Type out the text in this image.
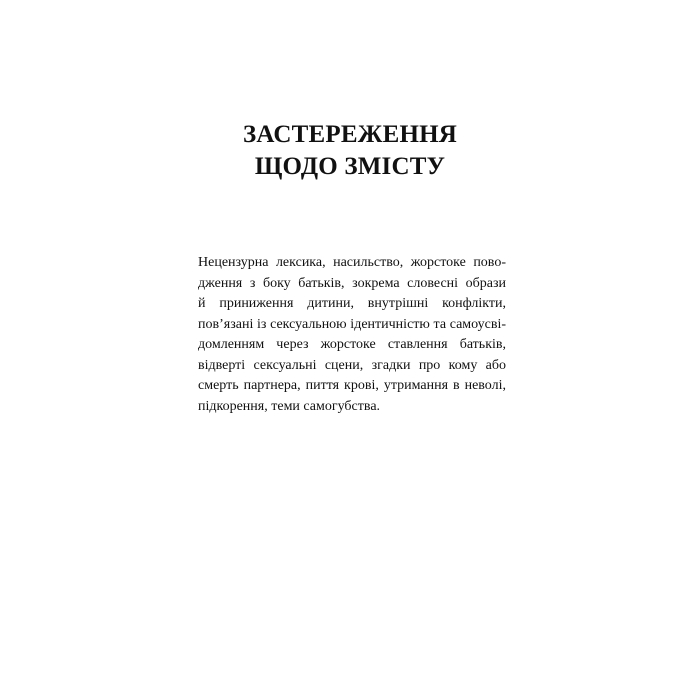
ЗАСТЕРЕЖЕННЯ
ЩОДО ЗМІСТУ
Нецензурна лексика, насильство, жорстоке пово-
дження з боку батьків, зокрема словесні образи
й приниження дитини, внутрішні конфлікти,
пов’язані із сексуальною ідентичністю та самоусві-
домленням через жорстоке ставлення батьків,
відверті сексуальні сцени, згадки про кому або
смерть партнера, пиття крові, утримання в неволі,
підкорення, теми самогубства.
